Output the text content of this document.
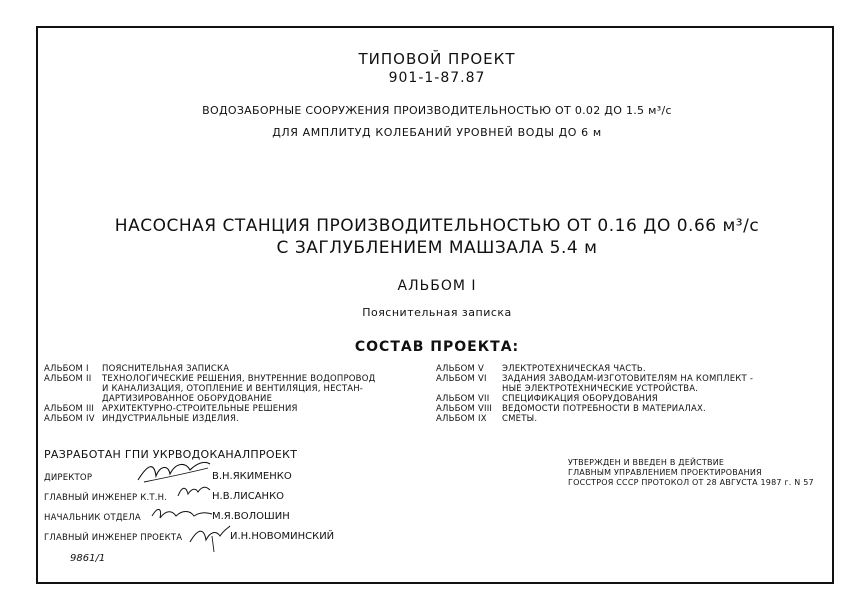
ТИПОВОЙ ПРОЕКТ
901-1-87.87
ВОДОЗАБОРНЫЕ СООРУЖЕНИЯ ПРОИЗВОДИТЕЛЬНОСТЬЮ ОТ 0.02 ДО 1.5 м³/с
ДЛЯ АМПЛИТУД КОЛЕБАНИЙ УРОВНЕЙ ВОДЫ ДО 6 м
НАСОСНАЯ СТАНЦИЯ ПРОИЗВОДИТЕЛЬНОСТЬЮ ОТ 0.16 ДО 0.66 м³/с
С ЗАГЛУБЛЕНИЕМ МАШЗАЛА 5.4 м
АЛЬБОМ I
Пояснительная записка
СОСТАВ ПРОЕКТА:
АЛЬБОМ I	ПОЯСНИТЕЛЬНАЯ ЗАПИСКА
АЛЬБОМ II	ТЕХНОЛОГИЧЕСКИЕ РЕШЕНИЯ, ВНУТРЕННИЕ ВОДОПРОВОД
И КАНАЛИЗАЦИЯ, ОТОПЛЕНИЕ И ВЕНТИЛЯЦИЯ, НЕСТАН-
ДАРТИЗИРОВАННОЕ ОБОРУДОВАНИЕ
АЛЬБОМ III АРХИТЕКТУРНО-СТРОИТЕЛЬНЫЕ РЕШЕНИЯ
АЛЬБОМ IV ИНДУСТРИАЛЬНЫЕ ИЗДЕЛИЯ.
АЛЬБОМ V	ЭЛЕКТРОТЕХНИЧЕСКАЯ ЧАСТЬ.
АЛЬБОМ VI	ЗАДАНИЯ ЗАВОДАМ-ИЗГОТОВИТЕЛЯМ НА КОМПЛЕКТ -
НЫЕ ЭЛЕКТРОТЕХНИЧЕСКИЕ УСТРОЙСТВА.
АЛЬБОМ VII	СПЕЦИФИКАЦИЯ ОБОРУДОВАНИЯ
АЛЬБОМ VIII	ВЕДОМОСТИ ПОТРЕБНОСТИ В МАТЕРИАЛАХ.
АЛЬБОМ IX	СМЕТЫ.
РАЗРАБОТАН ГПИ УКРВОДОКАНАЛПРОЕКТ
ДИРЕКТОР	В.Н.ЯКИМЕНКО
ГЛАВНЫЙ ИНЖЕНЕР К.Т.Н.	Н.В.ЛИСАНКО
НАЧАЛЬНИК ОТДЕЛА	М.Я.ВОЛОШИН
ГЛАВНЫЙ ИНЖЕНЕР ПРОЕКТА	И.Н.НОВОМИНСКИЙ
9861/1
УТВЕРЖДЕН И ВВЕДЕН В ДЕЙСТВИЕ
ГЛАВНЫМ УПРАВЛЕНИЕМ ПРОЕКТИРОВАНИЯ
ГОССТРОЯ СССР ПРОТОКОЛ ОТ 28 АВГУСТА 1987 г. N 57
